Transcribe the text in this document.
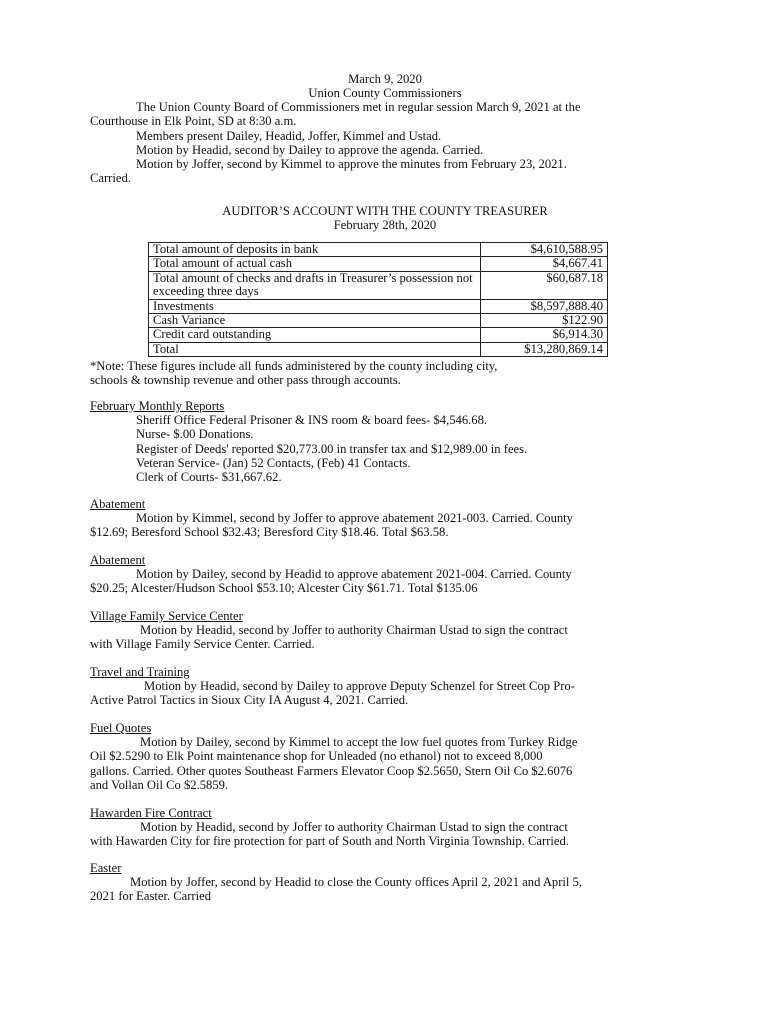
March 9, 2020
Union County Commissioners
The Union County Board of Commissioners met in regular session March 9, 2021 at the
Courthouse in Elk Point, SD at 8:30 a.m.
Members present Dailey, Headid, Joffer, Kimmel and Ustad.
Motion by Headid, second by Dailey to approve the agenda. Carried.
Motion by Joffer, second by Kimmel to approve the minutes from February 23, 2021.
Carried.
AUDITOR’S ACCOUNT WITH THE COUNTY TREASURER
February 28th, 2020
Total amount of deposits in bank	$4,610,588.95
Total amount of actual cash	$4,667.41
Total amount of checks and drafts in Treasurer’s possession not exceeding three days	$60,687.18
Investments	$8,597,888.40
Cash Variance	$122.90
Credit card outstanding	$6,914.30
Total	$13,280,869.14
*Note: These figures include all funds administered by the county including city,
schools & township revenue and other pass through accounts.
February Monthly Reports
Sheriff Office Federal Prisoner & INS room & board fees- $4,546.68.
Nurse- $.00 Donations.
Register of Deeds' reported $20,773.00 in transfer tax and $12,989.00 in fees.
Veteran Service- (Jan) 52 Contacts, (Feb) 41 Contacts.
Clerk of Courts- $31,667.62.
Abatement
Motion by Kimmel, second by Joffer to approve abatement 2021-003. Carried. County
$12.69; Beresford School $32.43; Beresford City $18.46. Total $63.58.
Abatement
Motion by Dailey, second by Headid to approve abatement 2021-004. Carried. County
$20.25; Alcester/Hudson School $53.10; Alcester City $61.71. Total $135.06
Village Family Service Center
Motion by Headid, second by Joffer to authority Chairman Ustad to sign the contract
with Village Family Service Center. Carried.
Travel and Training
Motion by Headid, second by Dailey to approve Deputy Schenzel for Street Cop Pro-
Active Patrol Tactics in Sioux City IA August 4, 2021. Carried.
Fuel Quotes
Motion by Dailey, second by Kimmel to accept the low fuel quotes from Turkey Ridge
Oil $2.5290 to Elk Point maintenance shop for Unleaded (no ethanol) not to exceed 8,000
gallons. Carried. Other quotes Southeast Farmers Elevator Coop $2.5650, Stern Oil Co $2.6076
and Vollan Oil Co $2.5859.
Hawarden Fire Contract
Motion by Headid, second by Joffer to authority Chairman Ustad to sign the contract
with Hawarden City for fire protection for part of South and North Virginia Township. Carried.
Easter
Motion by Joffer, second by Headid to close the County offices April 2, 2021 and April 5,
2021 for Easter. Carried
